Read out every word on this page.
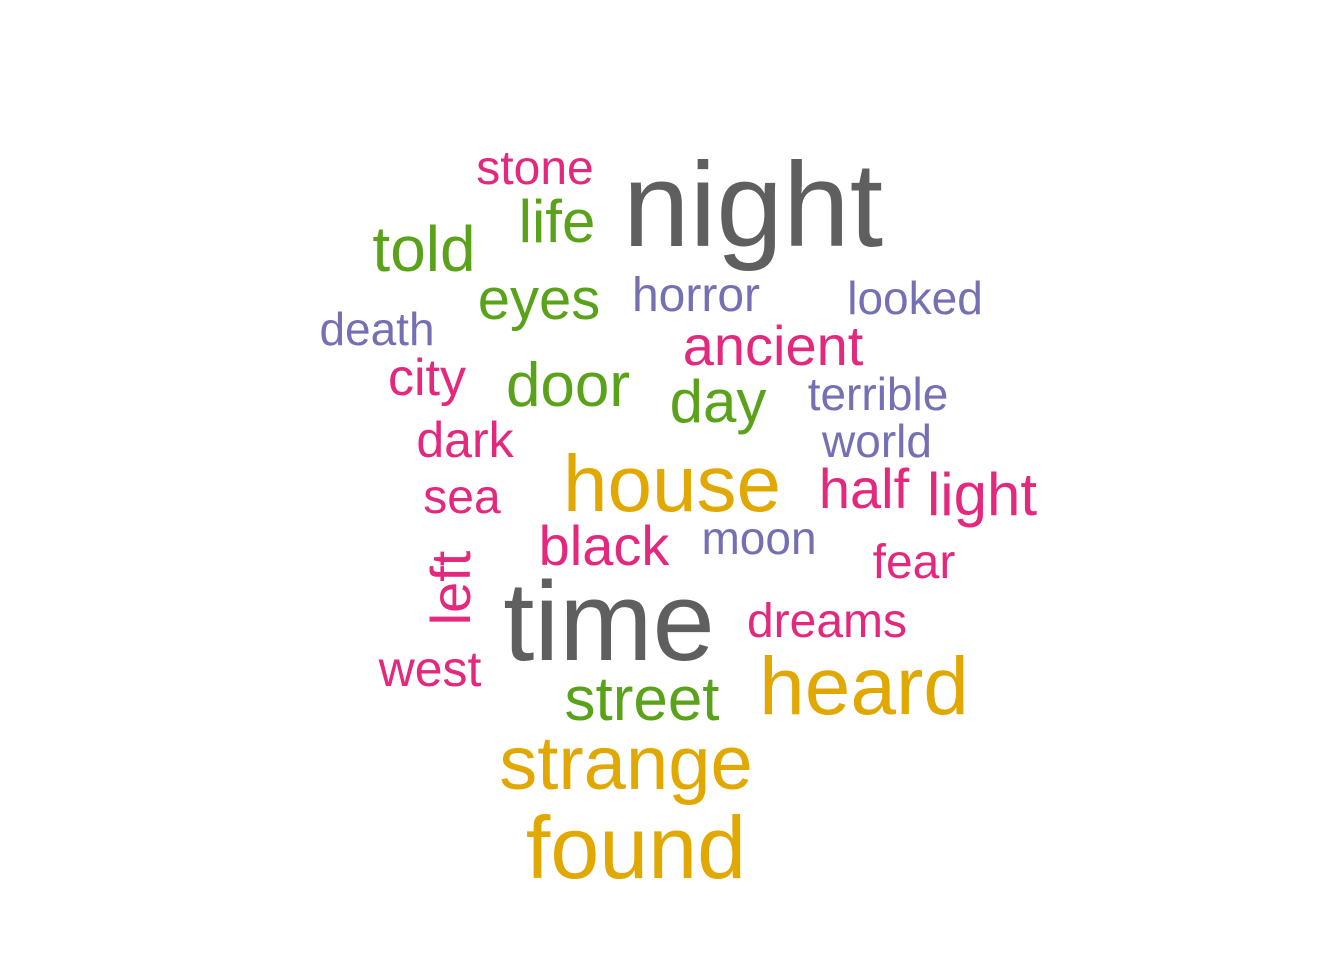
night
time
found
strange
house
heard
told life
eyes
door day
street
stone
ancient
city
dark
sea	half light
black
left	fear
dreams
west
horror looked
death
terrible
world
moon
